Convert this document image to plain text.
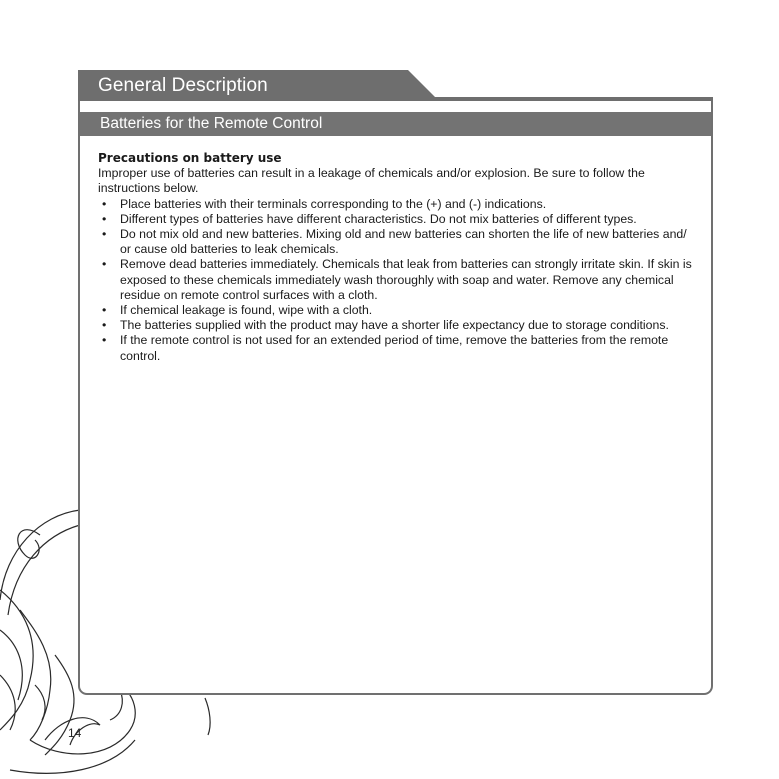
General Description
Batteries for the Remote Control
Precautions on battery use

Improper use of batteries can result in a leakage of chemicals and/or explosion. Be sure to follow the instructions below.

• Place batteries with their terminals corresponding to the (+) and (-) indications.
• Different types of batteries have different characteristics. Do not mix batteries of different types.
• Do not mix old and new batteries. Mixing old and new batteries can shorten the life of new batteries and/ or cause old batteries to leak chemicals.
• Remove dead batteries immediately. Chemicals that leak from batteries can strongly irritate skin. If skin is exposed to these chemicals immediately wash thoroughly with soap and water. Remove any chemical residue on remote control surfaces with a cloth.
• If chemical leakage is found, wipe with a cloth.
• The batteries supplied with the product may have a shorter life expectancy due to storage conditions.
• If the remote control is not used for an extended period of time, remove the batteries from the remote control.
14
